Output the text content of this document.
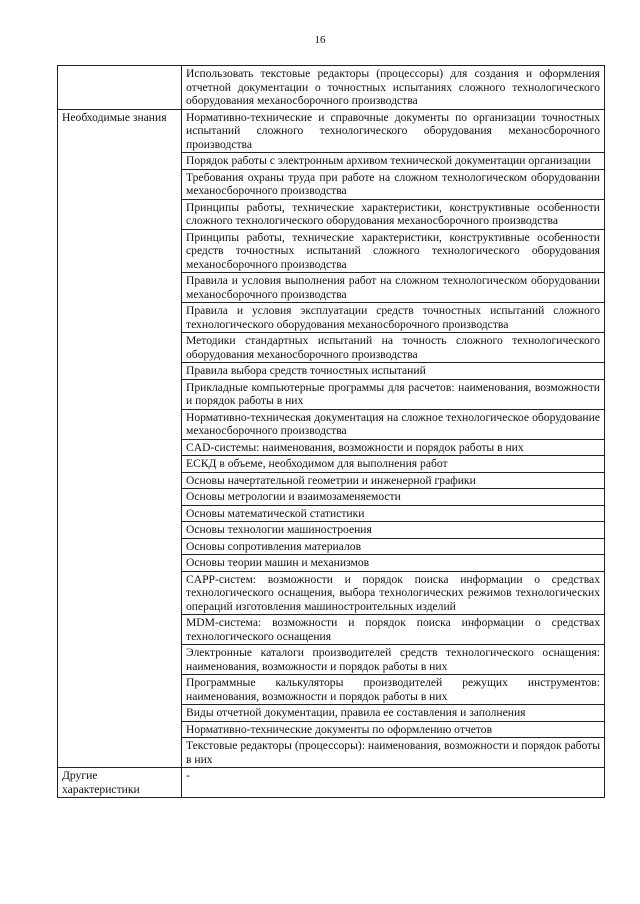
16
	Использовать текстовые редакторы (процессоры) для создания и оформления отчетной документации о точностных испытаниях сложного технологического оборудования механосборочного производства
Необходимые знания	Нормативно-технические и справочные документы по организации точностных испытаний сложного технологического оборудования механосборочного производства
	Порядок работы с электронным архивом технической документации организации
	Требования охраны труда при работе на сложном технологическом оборудовании механосборочного производства
	Принципы работы, технические характеристики, конструктивные особенности сложного технологического оборудования механосборочного производства
	Принципы работы, технические характеристики, конструктивные особенности средств точностных испытаний сложного технологического оборудования механосборочного производства
	Правила и условия выполнения работ на сложном технологическом оборудовании механосборочного производства
	Правила и условия эксплуатации средств точностных испытаний сложного технологического оборудования механосборочного производства
	Методики стандартных испытаний на точность сложного технологического оборудования механосборочного производства
	Правила выбора средств точностных испытаний
	Прикладные компьютерные программы для расчетов: наименования, возможности и порядок работы в них
	Нормативно-техническая документация на сложное технологическое оборудование механосборочного производства
	CAD-системы: наименования, возможности и порядок работы в них
	ЕСКД в объеме, необходимом для выполнения работ
	Основы начертательной геометрии и инженерной графики
	Основы метрологии и взаимозаменяемости
	Основы математической статистики
	Основы технологии машиностроения
	Основы сопротивления материалов
	Основы теории машин и механизмов
	CAPP-систем: возможности и порядок поиска информации о средствах технологического оснащения, выбора технологических режимов технологических операций изготовления машиностроительных изделий
	MDM-система: возможности и порядок поиска информации о средствах технологического оснащения
	Электронные каталоги производителей средств технологического оснащения: наименования, возможности и порядок работы в них
	Программные калькуляторы производителей режущих инструментов: наименования, возможности и порядок работы в них
	Виды отчетной документации, правила ее составления и заполнения
	Нормативно-технические документы по оформлению отчетов
	Текстовые редакторы (процессоры): наименования, возможности и порядок работы в них
Другие характеристики	-
